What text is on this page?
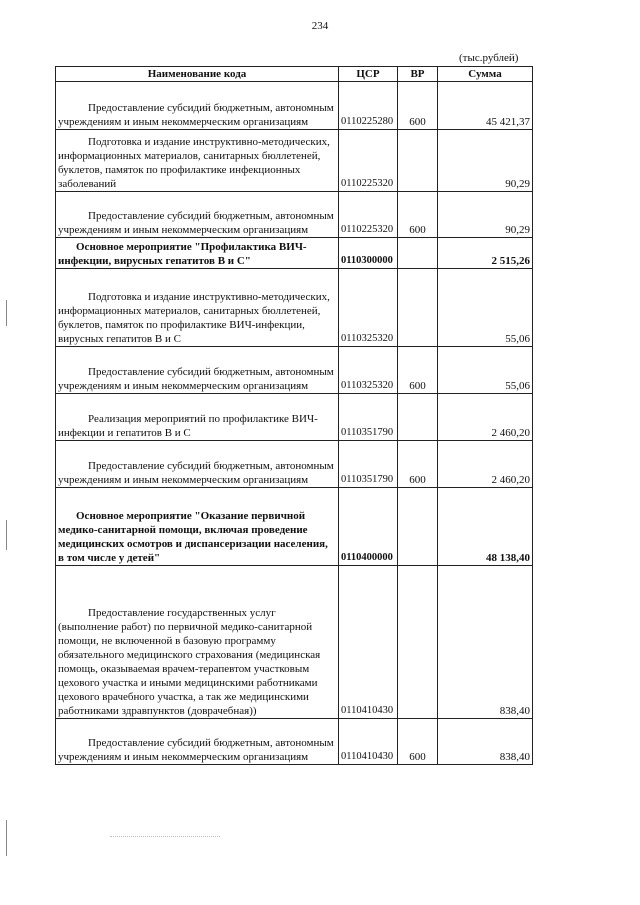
234
(тыс.рублей)
Наименование кода	ЦСР	ВР	Сумма
Предоставление субсидий бюджетным, автономным учреждениям и иным некоммерческим организациям	0110225280	600	45 421,37
Подготовка и издание инструктивно-методических, информационных материалов, санитарных бюллетеней, буклетов, памяток по профилактике инфекционных заболеваний	0110225320		90,29
Предоставление субсидий бюджетным, автономным учреждениям и иным некоммерческим организациям	0110225320	600	90,29
Основное мероприятие "Профилактика ВИЧ-инфекции, вирусных гепатитов В и С"	0110300000		2 515,26
Подготовка и издание инструктивно-методических, информационных материалов, санитарных бюллетеней, буклетов, памяток по профилактике ВИЧ-инфекции, вирусных гепатитов В и С	0110325320		55,06
Предоставление субсидий бюджетным, автономным учреждениям и иным некоммерческим организациям	0110325320	600	55,06
Реализация мероприятий по профилактике ВИЧ-инфекции и гепатитов В и С	0110351790		2 460,20
Предоставление субсидий бюджетным, автономным учреждениям и иным некоммерческим организациям	0110351790	600	2 460,20
Основное мероприятие "Оказание первичной медико-санитарной помощи, включая проведение медицинских осмотров и диспансеризации населения, в том числе у детей"	0110400000		48 138,40
Предоставление государственных услуг (выполнение работ) по первичной медико-санитарной помощи, не включенной в базовую программу обязательного медицинского страхования (медицинская помощь, оказываемая врачем-терапевтом участковым цехового участка и иными медицинскими работниками цехового врачебного участка, а так же медицинскими работниками здравпунктов (доврачебная))	0110410430		838,40
Предоставление субсидий бюджетным, автономным учреждениям и иным некоммерческим организациям	0110410430	600	838,40
